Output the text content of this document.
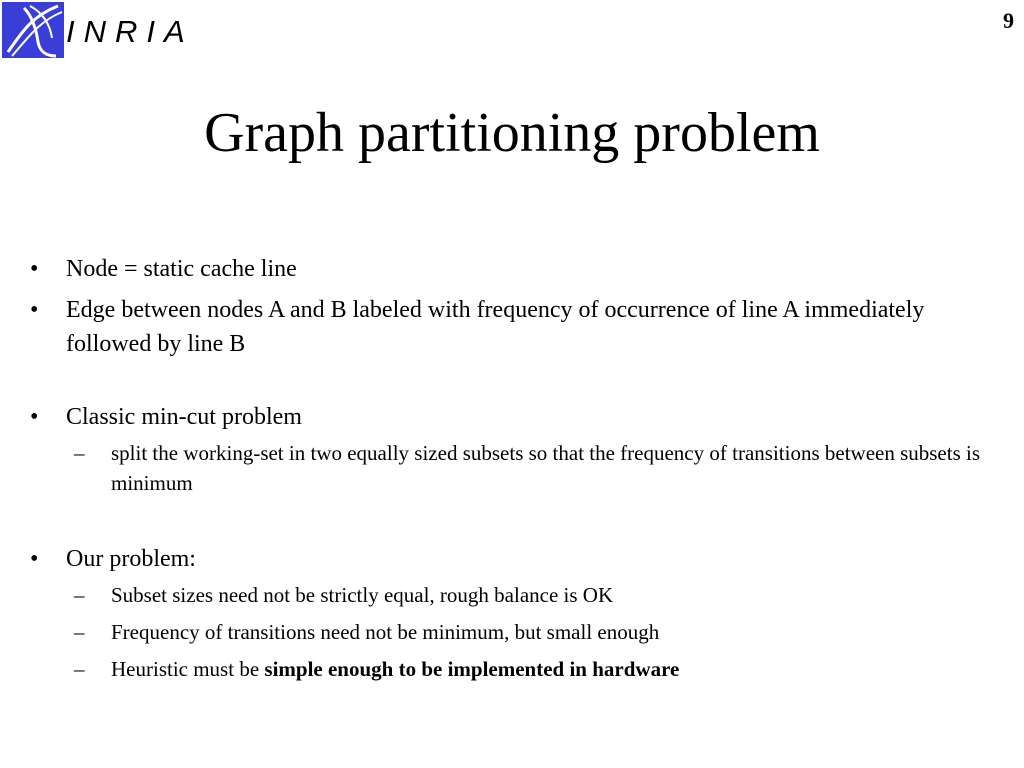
INRIA	9
Graph partitioning problem
• Node = static cache line
• Edge between nodes A and B labeled with frequency of occurrence of line A immediately followed by line B
• Classic min-cut problem
– split the working-set in two equally sized subsets so that the frequency of transitions between subsets is minimum
• Our problem:
– Subset sizes need not be strictly equal, rough balance is OK
– Frequency of transitions need not be minimum, but small enough
– Heuristic must be simple enough to be implemented in hardware
